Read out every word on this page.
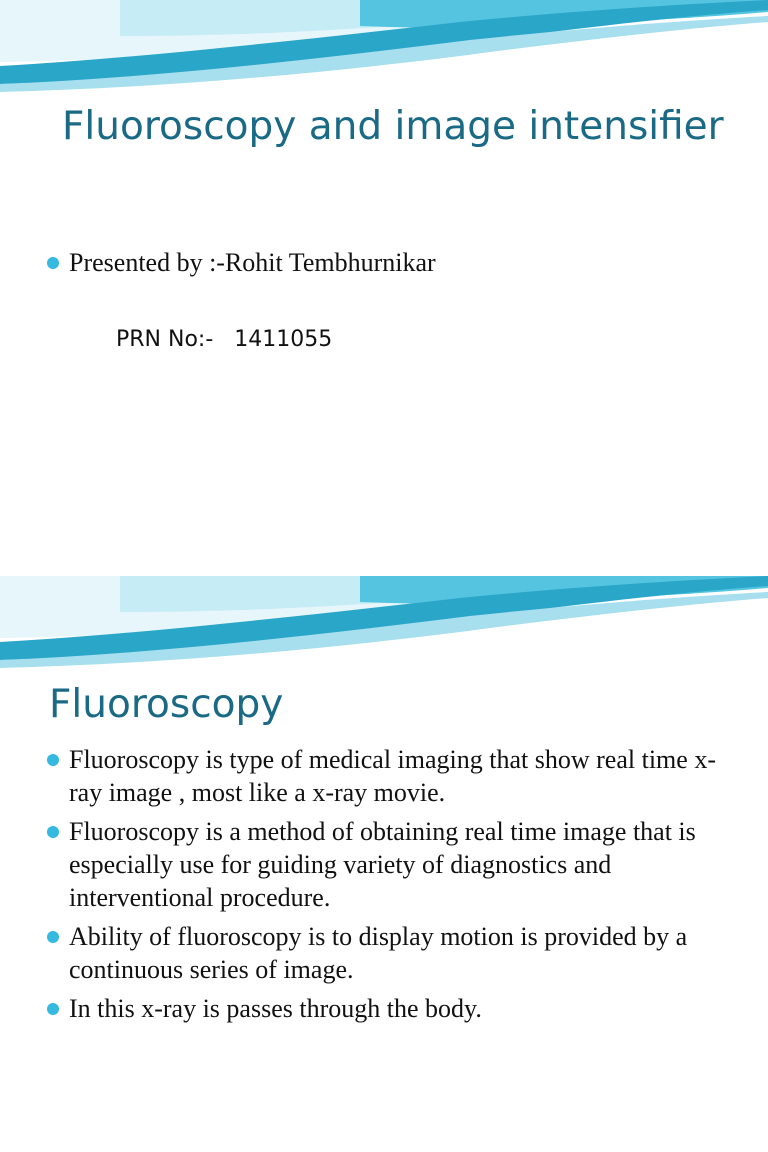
Fluoroscopy and image intensifier
Presented by :-Rohit Tembhurnikar
PRN No:- 1411055
Fluoroscopy
Fluoroscopy is type of medical imaging that show real time x-ray image , most like a x-ray movie.
Fluoroscopy is a method of obtaining real time image that is especially use for guiding variety of diagnostics and interventional procedure.
Ability of fluoroscopy is to display motion is provided by a continuous series of image.
In this x-ray is passes through the body.
